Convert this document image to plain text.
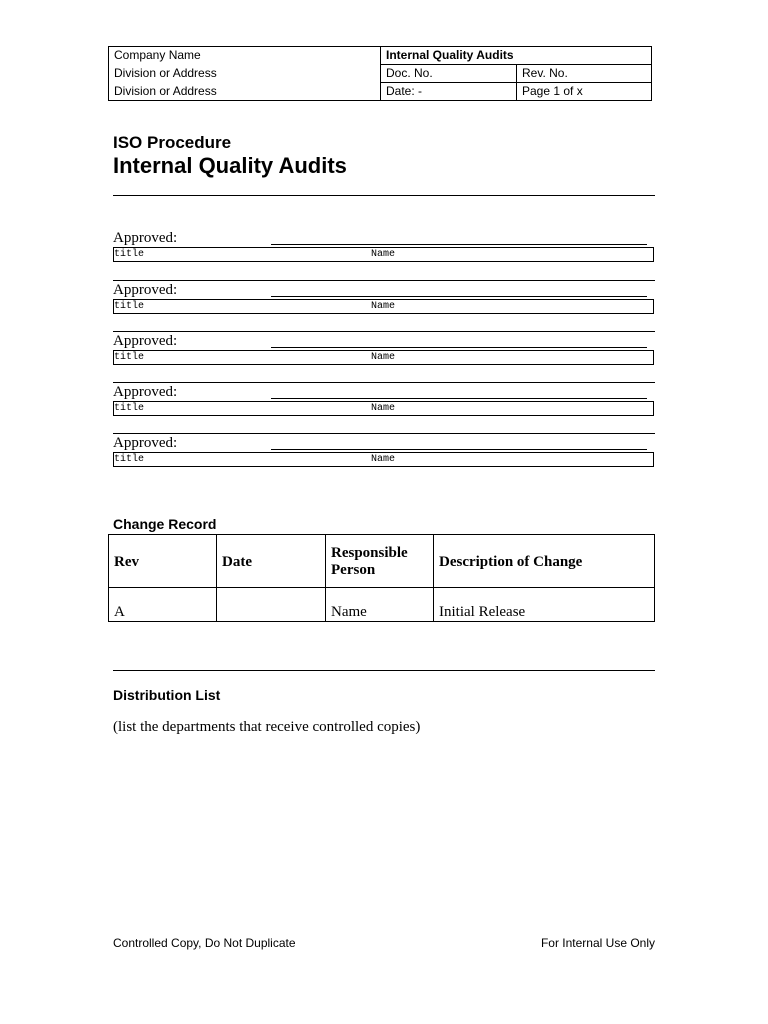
Company Name	Internal Quality Audits	
Division or Address	Doc. No.	Rev. No.
Division or Address	Date: -	Page 1 of x
ISO Procedure
Internal Quality Audits
Approved:
title	Name
Approved:
title	Name
Approved:
title	Name
Approved:
title	Name
Approved:
title	Name
Change Record
Rev	Date	Responsible Person	Description of Change
A		Name	Initial Release
Distribution List
(list the departments that receive controlled copies)
Controlled Copy, Do Not Duplicate	For Internal Use Only
